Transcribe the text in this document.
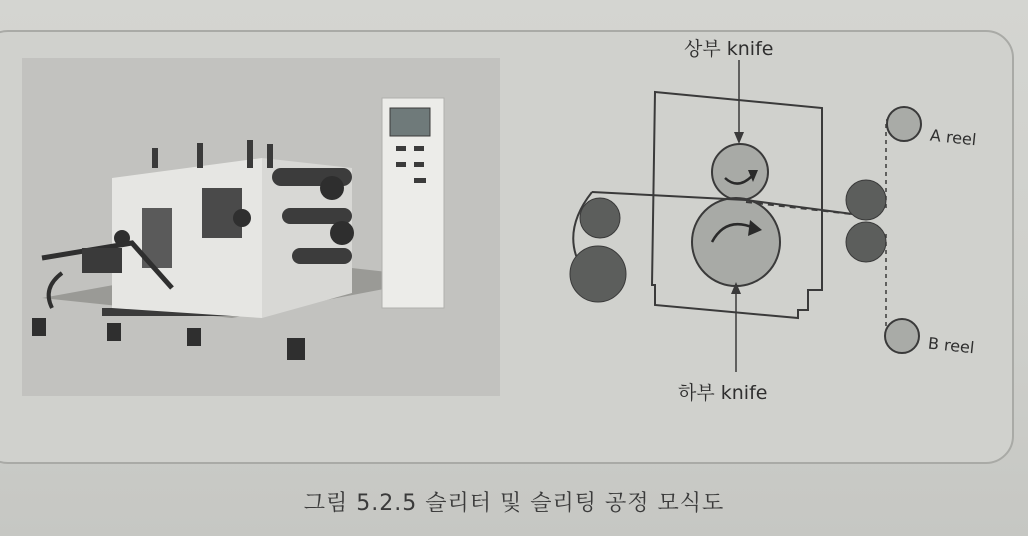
상부 knife
하부 knife
A reel
B reel
그림 5.2.5 슬리터 및 슬리팅 공정 모식도
